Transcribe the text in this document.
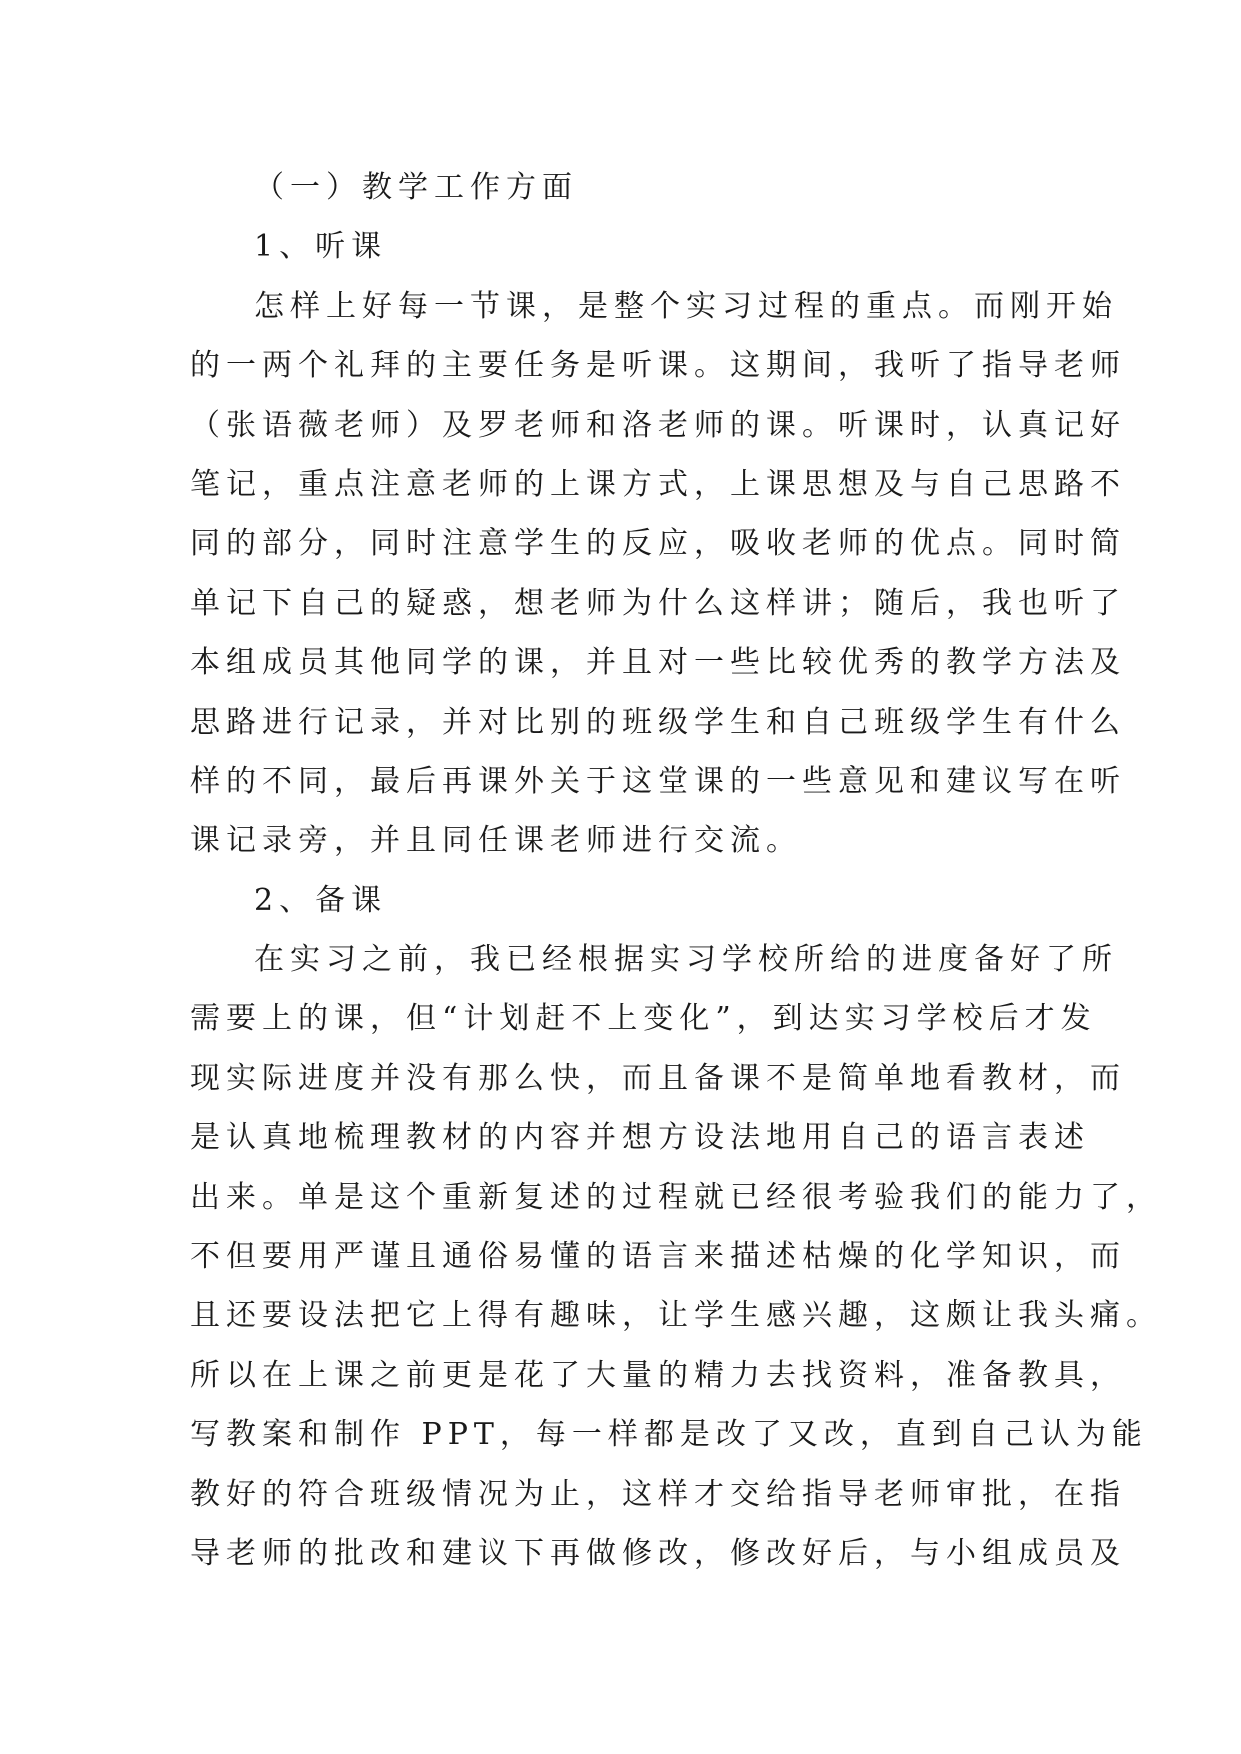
（一）教学工作方面
1、听课
怎样上好每一节课，是整个实习过程的重点。而刚开始
的一两个礼拜的主要任务是听课。这期间，我听了指导老师
（张语薇老师）及罗老师和洛老师的课。听课时，认真记好
笔记，重点注意老师的上课方式，上课思想及与自己思路不
同的部分，同时注意学生的反应，吸收老师的优点。同时简
单记下自己的疑惑，想老师为什么这样讲；随后，我也听了
本组成员其他同学的课，并且对一些比较优秀的教学方法及
思路进行记录，并对比别的班级学生和自己班级学生有什么
样的不同，最后再课外关于这堂课的一些意见和建议写在听
课记录旁，并且同任课老师进行交流。
2、备课
在实习之前，我已经根据实习学校所给的进度备好了所
需要上的课，但“计划赶不上变化”，到达实习学校后才发
现实际进度并没有那么快，而且备课不是简单地看教材，而
是认真地梳理教材的内容并想方设法地用自己的语言表述
出来。单是这个重新复述的过程就已经很考验我们的能力了，
不但要用严谨且通俗易懂的语言来描述枯燥的化学知识，而
且还要设法把它上得有趣味，让学生感兴趣，这颇让我头痛。
所以在上课之前更是花了大量的精力去找资料，准备教具，
写教案和制作 PPT，每一样都是改了又改，直到自己认为能
教好的符合班级情况为止，这样才交给指导老师审批，在指
导老师的批改和建议下再做修改，修改好后，与小组成员及
